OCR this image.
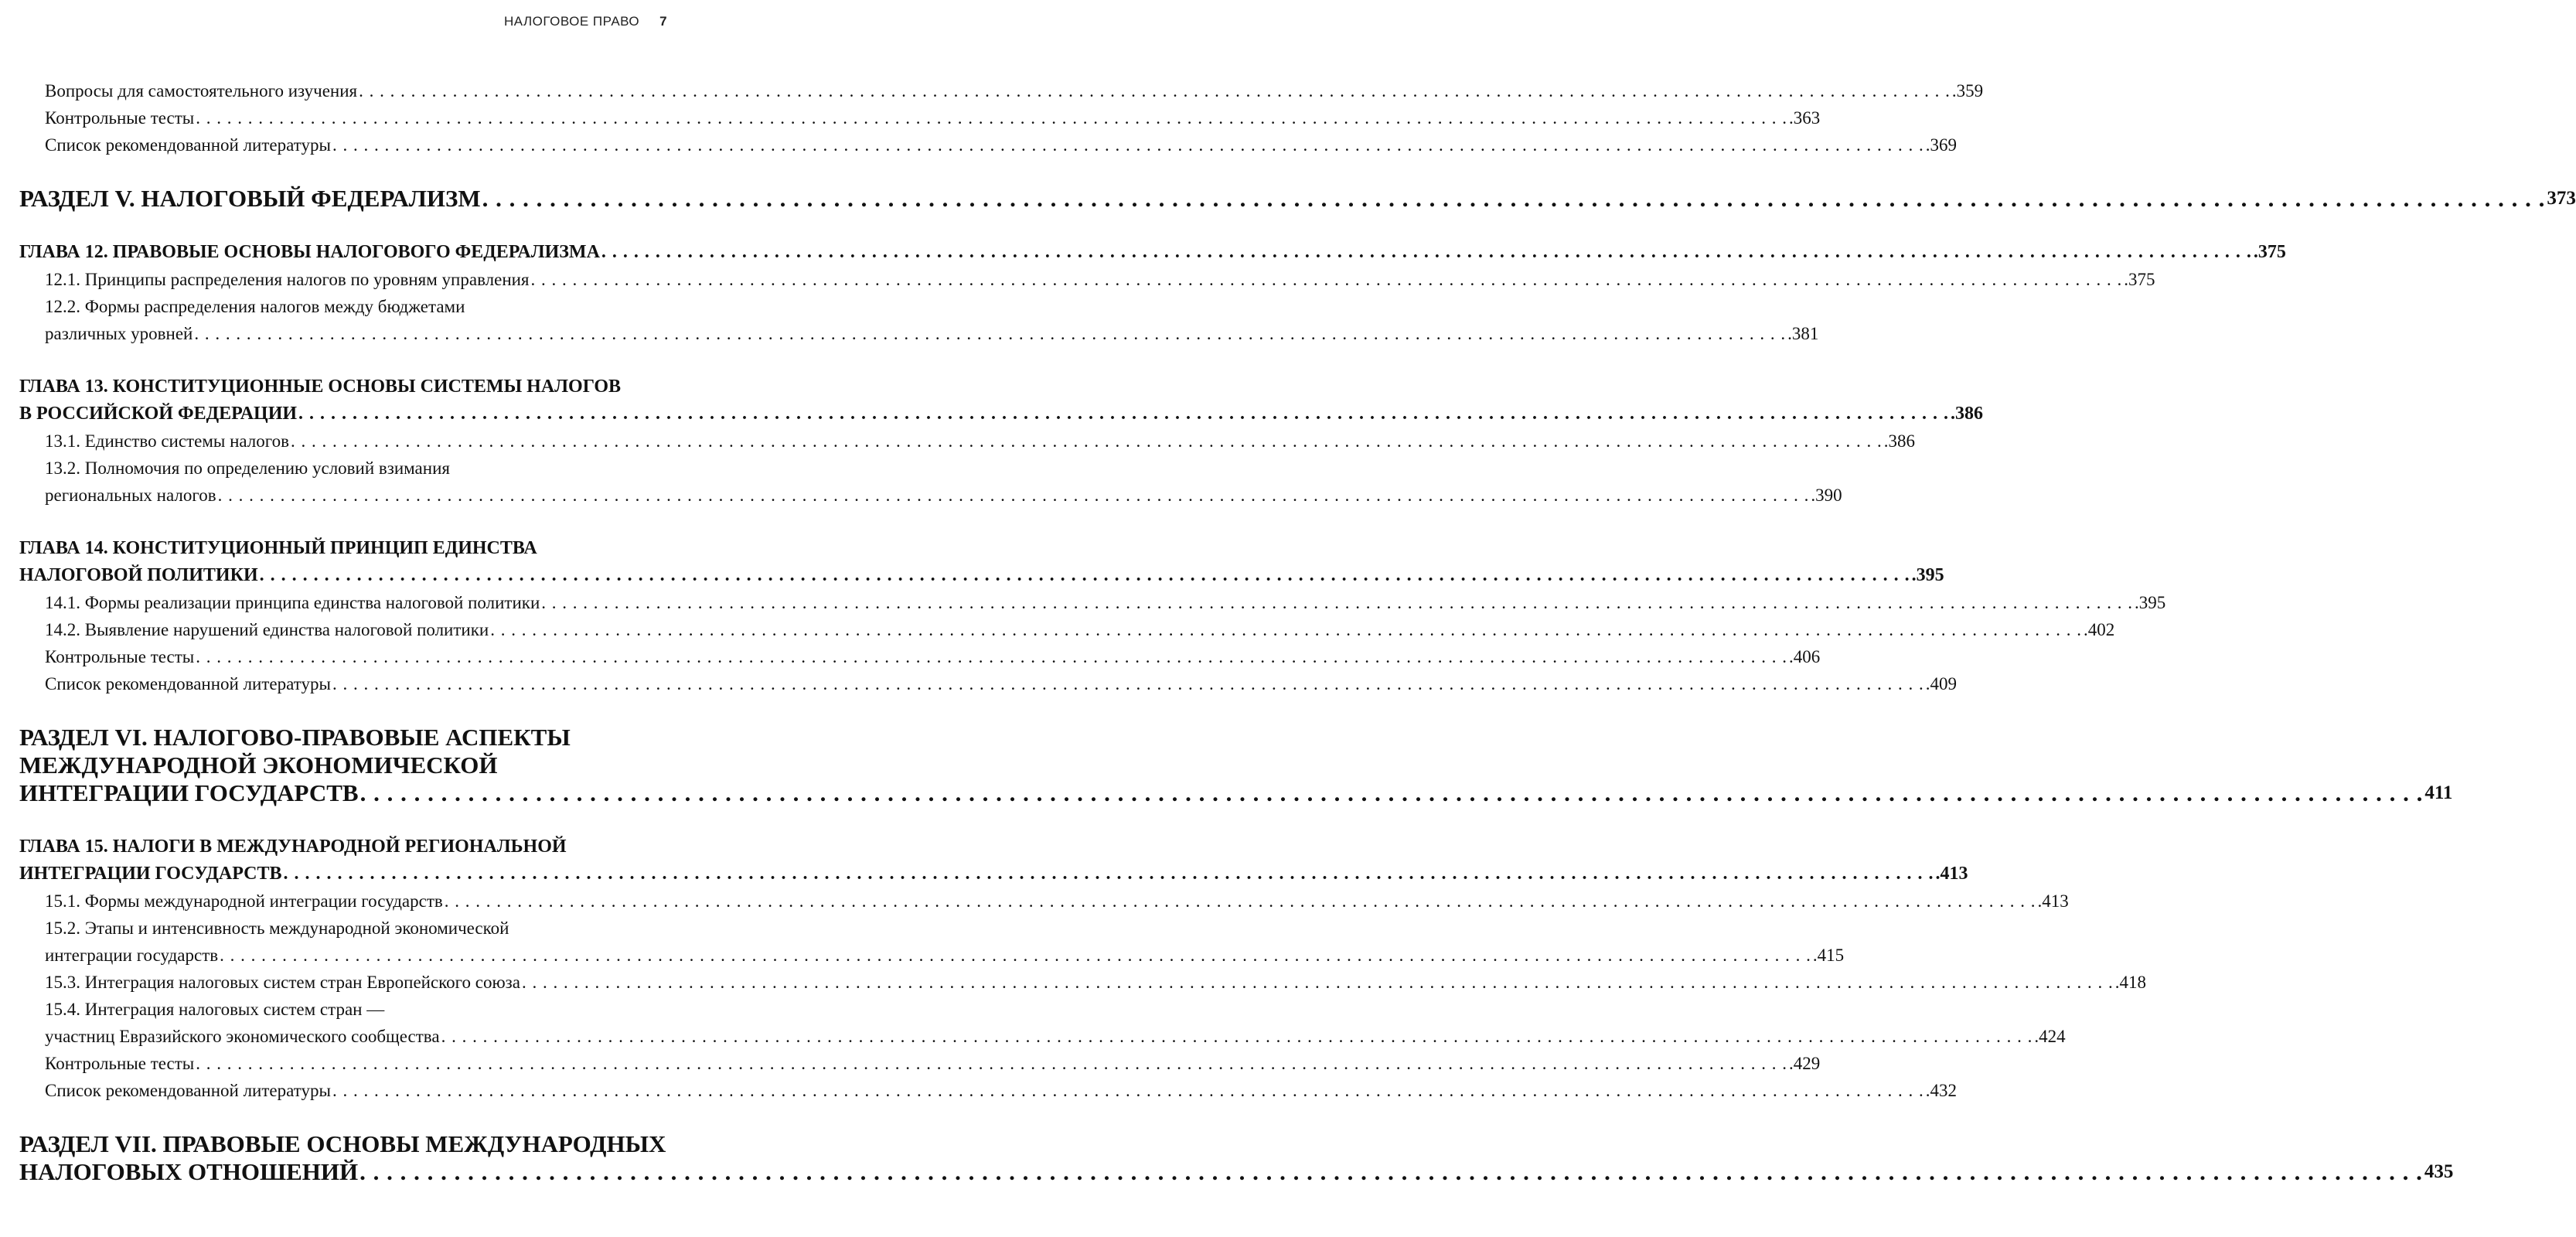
НАЛОГОВОЕ ПРАВО 7
Вопросы для самостоятельного изучения . . .	.359
Контрольные тесты . . .	.363
Список рекомендованной литературы . . .	.369
РАЗДЕЛ V. НАЛОГОВЫЙ ФЕДЕРАЛИЗМ . . .	373
ГЛАВА 12. ПРАВОВЫЕ ОСНОВЫ НАЛОГОВОГО ФЕДЕРАЛИЗМА . . .	.375
12.1. Принципы распределения налогов по уровням управления . . .	.375
12.2. Формы распределения налогов между бюджетами
различных уровней . . .	.381
ГЛАВА 13. КОНСТИТУЦИОННЫЕ ОСНОВЫ СИСТЕМЫ НАЛОГОВ
В РОССИЙСКОЙ ФЕДЕРАЦИИ . . .	.386
13.1. Единство системы налогов . . .	.386
13.2. Полномочия по определению условий взимания
региональных налогов . . .	.390
ГЛАВА 14. КОНСТИТУЦИОННЫЙ ПРИНЦИП ЕДИНСТВА
НАЛОГОВОЙ ПОЛИТИКИ . . .	.395
14.1. Формы реализации принципа единства налоговой политики . . .	.395
14.2. Выявление нарушений единства налоговой политики . . .	.402
Контрольные тесты . . .	.406
Список рекомендованной литературы . . .	.409
РАЗДЕЛ VI. НАЛОГОВО-ПРАВОВЫЕ АСПЕКТЫ
МЕЖДУНАРОДНОЙ ЭКОНОМИЧЕСКОЙ
ИНТЕГРАЦИИ ГОСУДАРСТВ . . .	411
ГЛАВА 15. НАЛОГИ В МЕЖДУНАРОДНОЙ РЕГИОНАЛЬНОЙ
ИНТЕГРАЦИИ ГОСУДАРСТВ . . .	.413
15.1. Формы международной интеграции государств . . .	.413
15.2. Этапы и интенсивность международной экономической
интеграции государств . . .	.415
15.3. Интеграция налоговых систем стран Европейского союза . . .	.418
15.4. Интеграция налоговых систем стран —
участниц Евразийского экономического сообщества . . .	.424
Контрольные тесты . . .	.429
Список рекомендованной литературы . . .	.432
РАЗДЕЛ VII. ПРАВОВЫЕ ОСНОВЫ МЕЖДУНАРОДНЫХ
НАЛОГОВЫХ ОТНОШЕНИЙ . . .	435
